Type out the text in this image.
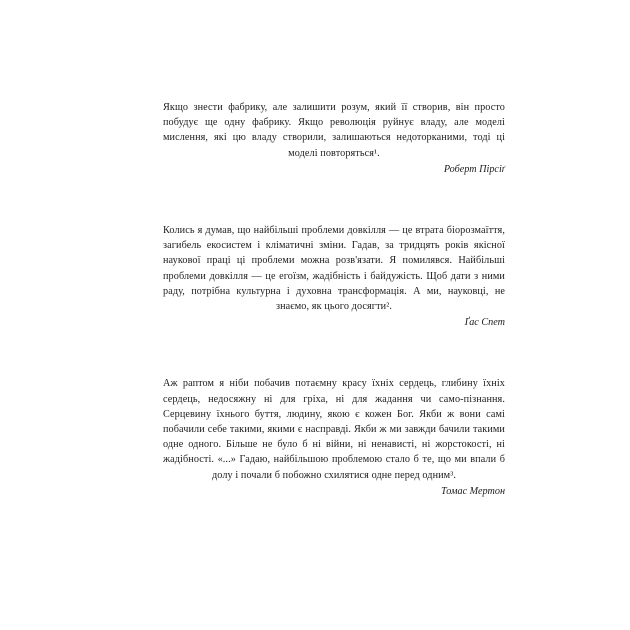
Якщо знести фабрику, але залишити розум, який її створив, він просто побудує ще одну фабрику. Якщо революція руйнує владу, але моделі мислення, які цю владу створили, залишаються недоторканими, тоді ці моделі повторяться¹.

Роберт Пірсіґ

Колись я думав, що найбільші проблеми довкілля — це втрата біорозмаїття, загибель екосистем і кліматичні зміни. Гадав, за тридцять років якісної наукової праці ці проблеми можна розв'язати. Я помилявся. Найбільші проблеми довкілля — це егоїзм, жадібність і байдужість. Щоб дати з ними раду, потрібна культурна і духовна трансформація. А ми, науковці, не знаємо, як цього досягти².

Ґас Спет

Аж раптом я ніби побачив потаємну красу їхніх сердець, глибину їхніх сердець, недосяжну ні для гріха, ні для жадання чи само-пізнання. Серцевину їхнього буття, людину, якою є кожен Бог. Якби ж вони самі побачили себе такими, якими є насправді. Якби ж ми завжди бачили такими одне одного. Більше не було б ні війни, ні ненависті, ні жорстокості, ні жадібності. «...» Гадаю, найбільшою проблемою стало б те, що ми впали б долу і почали б побожно схилятися одне перед одним³.

Томас Мертон
